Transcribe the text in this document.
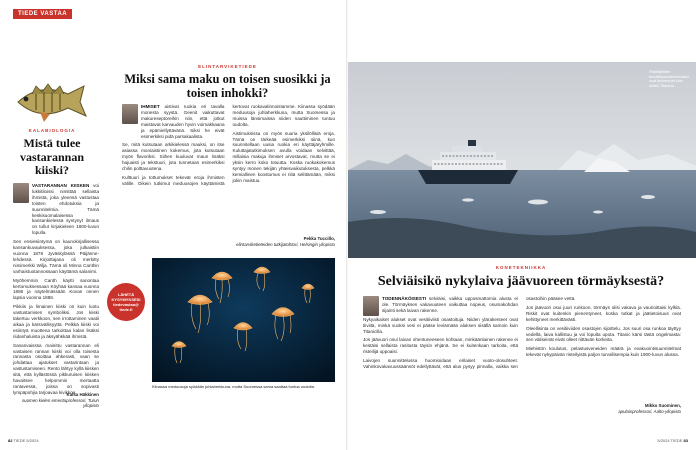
TIEDE VASTAA
KALABIOLOGIA
Mistä tulee vastarannan kiiski?

VASTARANNAN KIISKEN voi lukkitiloissi nimittää sellaista ihmistä, joka yleensä vastustaa toisten ehdotuksia ja suunnitelmia. Tämä keskisuomalaisessa kansankielessä syntynyt ilmaus on tullut kirjakieleen 1800-luvun lopulla.

Sen ensiesiintymä on kaunokirjallisessa kansankuvauksessa, joka julkaistiin vuonna 1878 Jyväskylässä Päijänne-lehdessä. Kirjoittajana oli merkitty nimimerkki Wilja. Tämä oli Minna Canthin varhaistuotannossaan käyttämä salanimi.

Myöhemmin Canth käytti sanontaa kertomuksessaan Köyhää kansaa vuonna 1886 ja näytelmässään Kovan onnen lapsia vuonna 1888.

Pikkiis ja limainen kiiski on kuin luotu vastustamisen symboliksi. Jos kiiski takertuu verkkoon, sen irrottaminen vaatii aikaa ja kärsivällisyyttä. Pelkkä kiiski voi esiintyä muottena tarkoittaa kalan lisäksi riidanhaluista ja äksyähkkää ihmistä.

Sananvaisssa mainittu vastarannan eli vastaisen rannan kiiski voi olla toisesta rannasta osoittaa ahkerasti, vaan se johdattaa ajatukset vastarintaan ja vastustamiseen. Rento lähtyy kyllä kiisken sitä, että kyllästössä pikkuruisen kiisken havaitsee helpommin mertaatta rantavessä, joissa on sopivasti lympäpohjia tarjoavaa kivikkoa.

Kaisa Häkkinen
suomen kielen emeritaprofessori, Turun yliopisto
ELINTARVIKETIEDE
Miksi sama maku on toisen suosikki ja toisen inhokki?

IHMISET aistivat ruokia eri tavalla monesta syystä. Geenit vaikuttavat makureseptoreihin niin, että jotkut maistavat karvauden hyvin voimakkaana ja epämiellyttävänä. Siksi he eivät esimerkiksi pidä parsakaalista.

Se, mitä kutsutaan arkikielessä mauksi, on itse asiassa moniaistinen kokemus, jota kutsutaan myös flavoriksi. Siihen kuuluvat maun lisäksi hajuaisti ja tekstuuri, jota tunnetaan esimerkiksi chilin polttavuutena.

Kulttuuri ja tottumukset tekevät eroja ihmisten välille. Oikein tutkimut meduusojen käyttämistä kertovat ruokavalinnoistamme. Kiinassa syödään meduusoja juhlaherkkuna, mutta Suomessa ja muissa länsimaissa niiden nauttiminen tuntuu oudolta.

Aistimuksissa on myös suuria yksilöllisiä eroja. Tämä on tärkeää esimerkiksi siinä, kun suunnitellaan uusia ruokia eri käyttäjäryhmille. Kuluttajatutkimuksen avulla voidaan selvittää, millaisia makuja ihmiset arvostavat, mutta se ei yksin kerro koko totuutta. Koska ruokakokemus syntyy monen tekijän yhteisvaikutuksesta, pelkkä kemiallinen koostumus ei riitä selittämään, miksi jokin maistuu.

Pekka Tuccillo,
elintarviketieteiden tutkijatohtori, Helsingin yliopisto
LÄHETÄ KYSYMYKSESI tiedevastaa@ tiede.fi
Kiinassa meduusoja syödään juhlaherkkuna, mutta Suomessa sama saattaa tuntua oudolta.
82 TIEDE 5/2024
Risteilijöiden turvallisuusrakennukset ovat tiukemmat kuin niiden Titanicin.
KONETEKNIIKKA
Selviäisikö nykylaiva jäävuoreen törmäyksestä?

TODENNÄKÖISESTI selviäisi, vaikka upposmattomia alusta ei ole. Törmäyksen vakavuuteen vaikuttaa nopeus, osumakohdan sijainti sekä laivan rakenne.

Nykyaikaiset alukset ovat vesitiiviisti osastoituja. Niiden ylärakenteet ovat tiiviitä, minkä vuoksi vesi ei pääse leviämään aluksen sisällä samoin kuin Titanicilla.

Jos jäävuori osui laivan ohentuneeseen kohtaan, minkäänlainen rakenne ei kestäisi sellaista rasitusta täysin ehjänä. Se ei kuitenkaan tarkoita, että risteilijä uppoaisi.

Laivojen suunnittelussa huomioidaan erilaiset vuoto-olosuhteet. Vahinkovakavuussäännöt edellyttävät, että alus pysyy pinnalla, vaikka sen osastoihin pääsee vettä.

Jos jäävuori osui juuri runkoon, törmäys olisi vakava ja vaurioittaisi kylkiä. Riskit ovat kuitenkin pienentyneet, koska tutkat ja jäätietoisuus ovat kehittyneet merkittävästi.

Oleellisinta on vesitiiviiden osastojen sijoittelu. Jos suuri osa runkoa täyttyy vedellä, laiva kallistuu ja voi lopulta upota. Titanic kärsi tästä ongelmasta: sen väliseinät eivät olleet riittävän korkeita.

Miehistön koulutus, pelastusveneiden määrä ja evakuointisuunnitelmat tekevät nykypäivän risteilyistä paljon turvallisempia kuin 1900-luvun alussa.

Mikko Suominen,
apulaisprofessori, Aalto-yliopisto
5/2024 TIEDE 83
